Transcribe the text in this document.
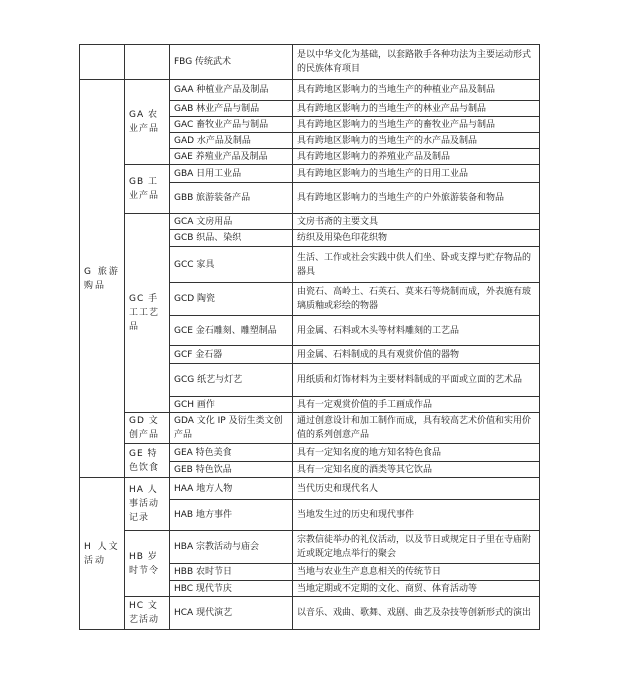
		FBG 传统武术	是以中华文化为基础，以套路散手各种功法为主要运动形式的民族体育项目
G 旅游购品	GA 农业产品	GAA 种植业产品及制品	具有跨地区影响力的当地生产的种植业产品及制品
		GAB 林业产品与制品	具有跨地区影响力的当地生产的林业产品与制品
		GAC 畜牧业产品与制品	具有跨地区影响力的当地生产的畜牧业产品与制品
		GAD 水产品及制品	具有跨地区影响力的当地生产的水产品及制品
		GAE 养殖业产品及制品	具有跨地区影响力的养殖业产品及制品
	GB 工业产品	GBA 日用工业品	具有跨地区影响力的当地生产的日用工业品
		GBB 旅游装备产品	具有跨地区影响力的当地生产的户外旅游装备和物品
	GC 手工工艺品	GCA 文房用品	文房书斋的主要文具
		GCB 织品、染织	纺织及用染色印花织物
		GCC 家具	生活、工作或社会实践中供人们坐、卧或支撑与贮存物品的器具
		GCD 陶瓷	由瓷石、高岭土、石英石、莫来石等烧制而成，外表施有玻璃质釉或彩绘的物器
		GCE 金石雕刻、雕塑制品	用金属、石料或木头等材料雕刻的工艺品
		GCF 金石器	用金属、石料制成的具有观赏价值的器物
		GCG 纸艺与灯艺	用纸质和灯饰材料为主要材料制成的平面或立面的艺术品
		GCH 画作	具有一定观赏价值的手工画成作品
	GD 文创产品	GDA 文化 IP 及衍生类文创产品	通过创意设计和加工制作而成，具有较高艺术价值和实用价值的系列创意产品
	GE 特色饮食	GEA 特色美食	具有一定知名度的地方知名特色食品
		GEB 特色饮品	具有一定知名度的酒类等其它饮品
H 人文活动	HA 人事活动记录	HAA 地方人物	当代历史和现代名人
		HAB 地方事件	当地发生过的历史和现代事件
	HB 岁时节令	HBA 宗教活动与庙会	宗教信徒举办的礼仪活动，以及节日或规定日子里在寺庙附近或既定地点举行的聚会
		HBB 农时节日	当地与农业生产息息相关的传统节日
		HBC 现代节庆	当地定期或不定期的文化、商贸、体育活动等
	HC 文艺活动	HCA 现代演艺	以音乐、戏曲、歌舞、戏剧、曲艺及杂技等创新形式的演出
